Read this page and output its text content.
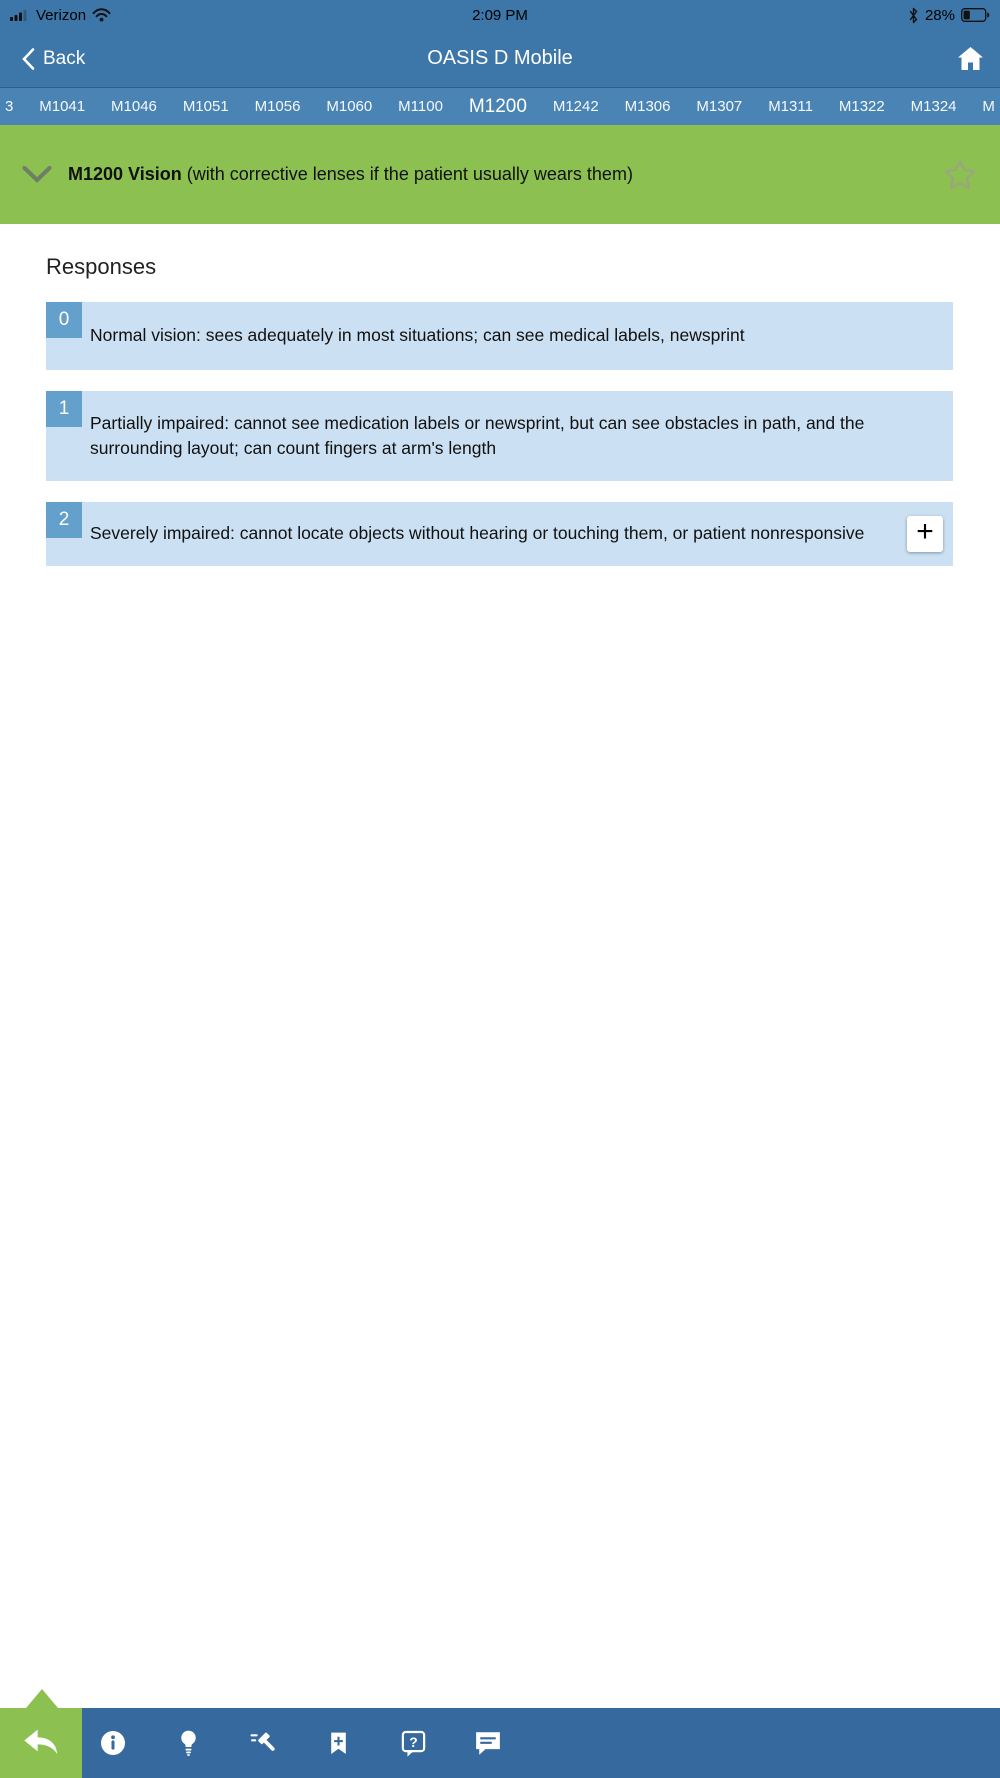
Verizon	2:09 PM	28%
Back	OASIS D Mobile
3 M1041 M1046 M1051 M1056 M1060 M1100 M1200 M1242 M1306 M1307 M1311 M1322 M1324 M
M1200 Vision (with corrective lenses if the patient usually wears them)
Responses
0
Normal vision: sees adequately in most situations; can see medical labels, newsprint
1
Partially impaired: cannot see medication labels or newsprint, but can see obstacles in path, and the surrounding layout; can count fingers at arm's length
2
Severely impaired: cannot locate objects without hearing or touching them, or patient nonresponsive	+
?
